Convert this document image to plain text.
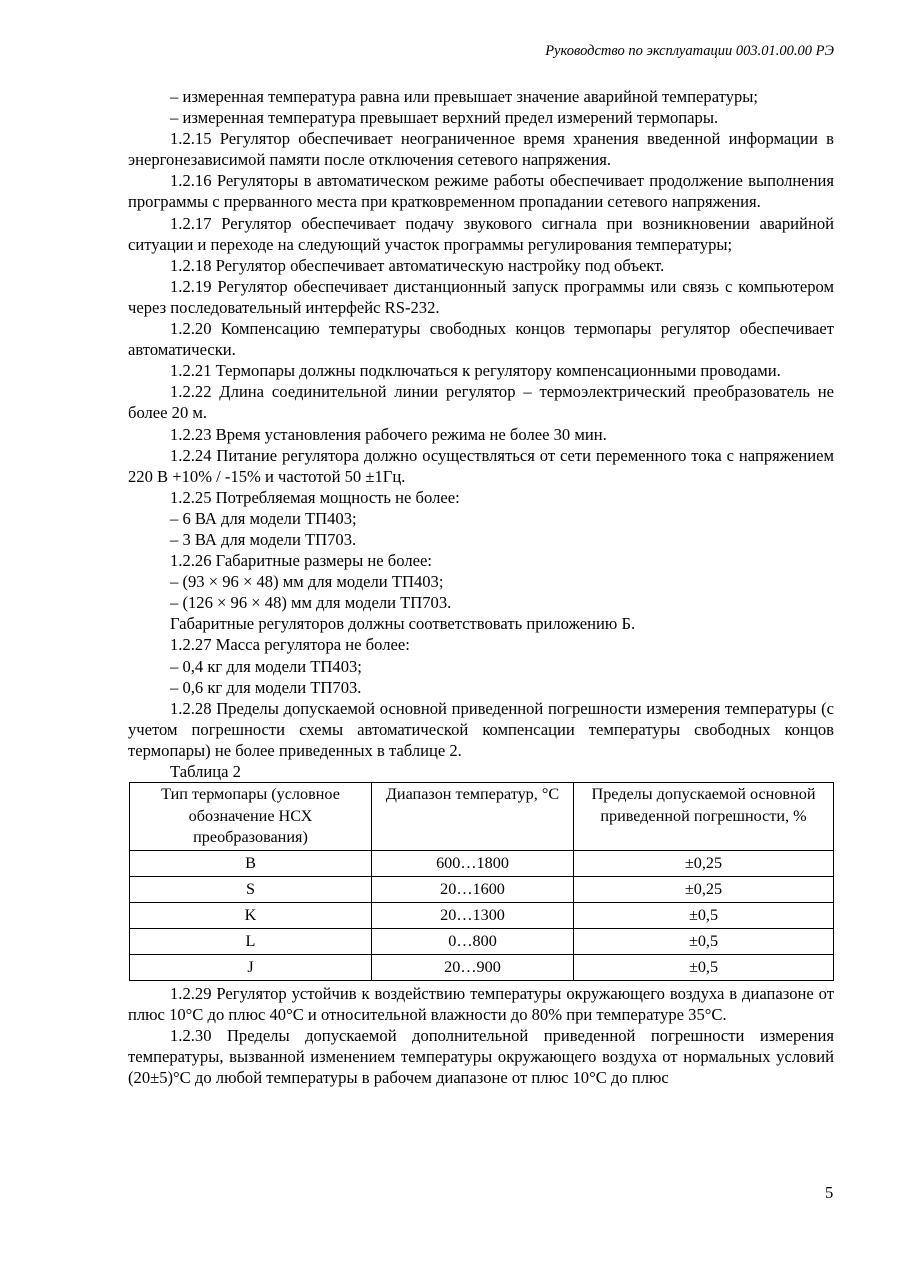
Руководство по эксплуатации 003.01.00.00 РЭ

– измеренная температура равна или превышает значение аварийной температуры;

– измеренная температура превышает верхний предел измерений термопары.

1.2.15 Регулятор обеспечивает неограниченное время хранения введенной информации в энергонезависимой памяти после отключения сетевого напряжения.

1.2.16 Регуляторы в автоматическом режиме работы обеспечивает продолжение выполнения программы с прерванного места при кратковременном пропадании сетевого напряжения.

1.2.17 Регулятор обеспечивает подачу звукового сигнала при возникновении аварийной ситуации и переходе на следующий участок программы регулирования температуры;

1.2.18 Регулятор обеспечивает автоматическую настройку под объект.

1.2.19 Регулятор обеспечивает дистанционный запуск программы или связь с компьютером через последовательный интерфейс RS-232.

1.2.20 Компенсацию температуры свободных концов термопары регулятор обеспечивает автоматически.

1.2.21 Термопары должны подключаться к регулятору компенсационными проводами.

1.2.22 Длина соединительной линии регулятор – термоэлектрический преобразователь не более 20 м.

1.2.23 Время установления рабочего режима не более 30 мин.

1.2.24 Питание регулятора должно осуществляться от сети переменного тока с напряжением 220 В +10% / -15% и частотой 50 ±1Гц.

1.2.25 Потребляемая мощность не более:

– 6 ВА для модели ТП403;

– 3 ВА для модели ТП703.

1.2.26 Габаритные размеры не более:

– (93 × 96 × 48) мм для модели ТП403;

– (126 × 96 × 48) мм для модели ТП703.

Габаритные регуляторов должны соответствовать приложению Б.

1.2.27 Масса регулятора не более:

– 0,4 кг для модели ТП403;

– 0,6 кг для модели ТП703.

1.2.28 Пределы допускаемой основной приведенной погрешности измерения температуры (с учетом погрешности схемы автоматической компенсации температуры свободных концов термопары) не более приведенных в таблице 2.

Таблица 2

Тип термопары (условное обозначение НСХ преобразования)	Диапазон температур, °С	Пределы допускаемой основной приведенной погрешности, %
B	600…1800	±0,25
S	20…1600	±0,25
K	20…1300	±0,5
L	0…800	±0,5
J	20…900	±0,5

1.2.29 Регулятор устойчив к воздействию температуры окружающего воздуха в диапазоне от плюс 10°С до плюс 40°С и относительной влажности до 80% при температуре 35°С.

1.2.30 Пределы допускаемой дополнительной приведенной погрешности измерения температуры, вызванной изменением температуры окружающего воздуха от нормальных условий (20±5)°С до любой температуры в рабочем диапазоне от плюс 10°С до плюс

5
